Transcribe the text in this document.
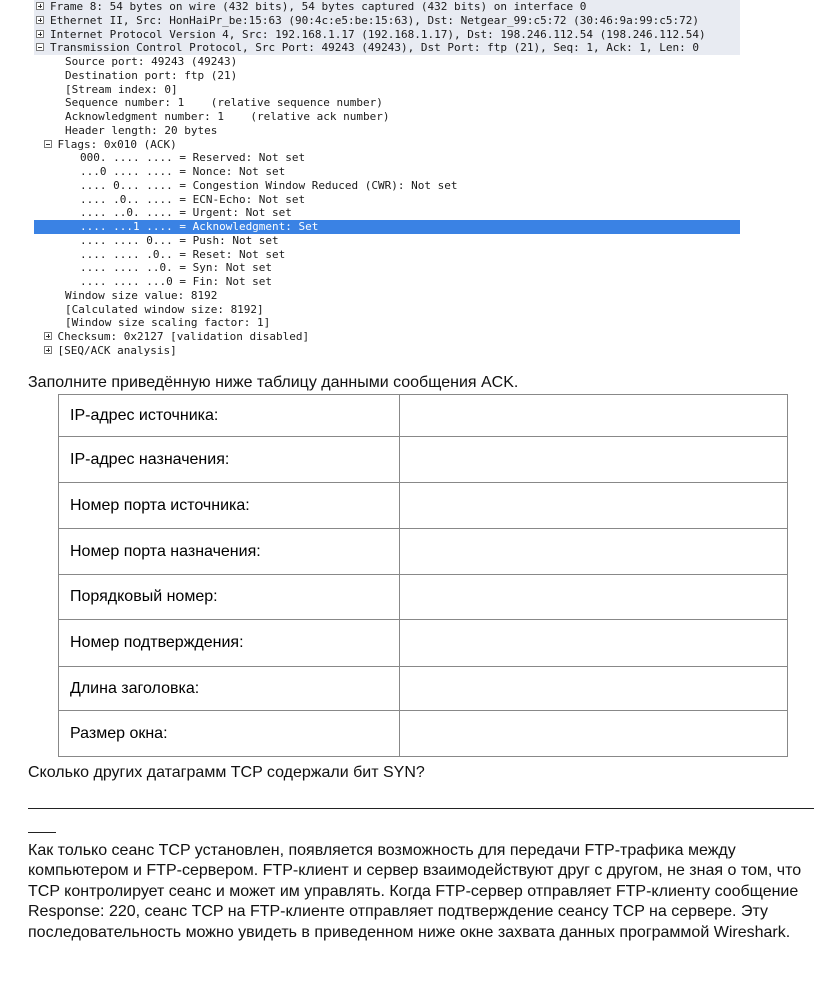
Frame 8: 54 bytes on wire (432 bits), 54 bytes captured (432 bits) on interface 0
Ethernet II, Src: HonHaiPr_be:15:63 (90:4c:e5:be:15:63), Dst: Netgear_99:c5:72 (30:46:9a:99:c5:72)
Internet Protocol Version 4, Src: 192.168.1.17 (192.168.1.17), Dst: 198.246.112.54 (198.246.112.54)
Transmission Control Protocol, Src Port: 49243 (49243), Dst Port: ftp (21), Seq: 1, Ack: 1, Len: 0
Source port: 49243 (49243)
Destination port: ftp (21)
[Stream index: 0]
Sequence number: 1    (relative sequence number)
Acknowledgment number: 1    (relative ack number)
Header length: 20 bytes
Flags: 0x010 (ACK)
000. .... .... = Reserved: Not set
...0 .... .... = Nonce: Not set
.... 0... .... = Congestion Window Reduced (CWR): Not set
.... .0.. .... = ECN-Echo: Not set
.... ..0. .... = Urgent: Not set
.... ...1 .... = Acknowledgment: Set
.... .... 0... = Push: Not set
.... .... .0.. = Reset: Not set
.... .... ..0. = Syn: Not set
.... .... ...0 = Fin: Not set
Window size value: 8192
[Calculated window size: 8192]
[Window size scaling factor: 1]
Checksum: 0x2127 [validation disabled]
[SEQ/ACK analysis]
Заполните приведённую ниже таблицу данными сообщения ACK.
IP-адрес источника:	
IP-адрес назначения:	
Номер порта источника:	
Номер порта назначения:	
Порядковый номер:	
Номер подтверждения:	
Длина заголовка:	
Размер окна:	
Сколько других датаграмм TCP содержали бит SYN?
Как только сеанс TCP установлен, появляется возможность для передачи FTP-трафика между компьютером и FTP-сервером. FTP-клиент и сервер взаимодействуют друг с другом, не зная о том, что TCP контролирует сеанс и может им управлять. Когда FTP-сервер отправляет FTP-клиенту сообщение Response: 220, сеанс TCP на FTP-клиенте отправляет подтверждение сеансу TCP на сервере. Эту последовательность можно увидеть в приведенном ниже окне захвата данных программой Wireshark.
